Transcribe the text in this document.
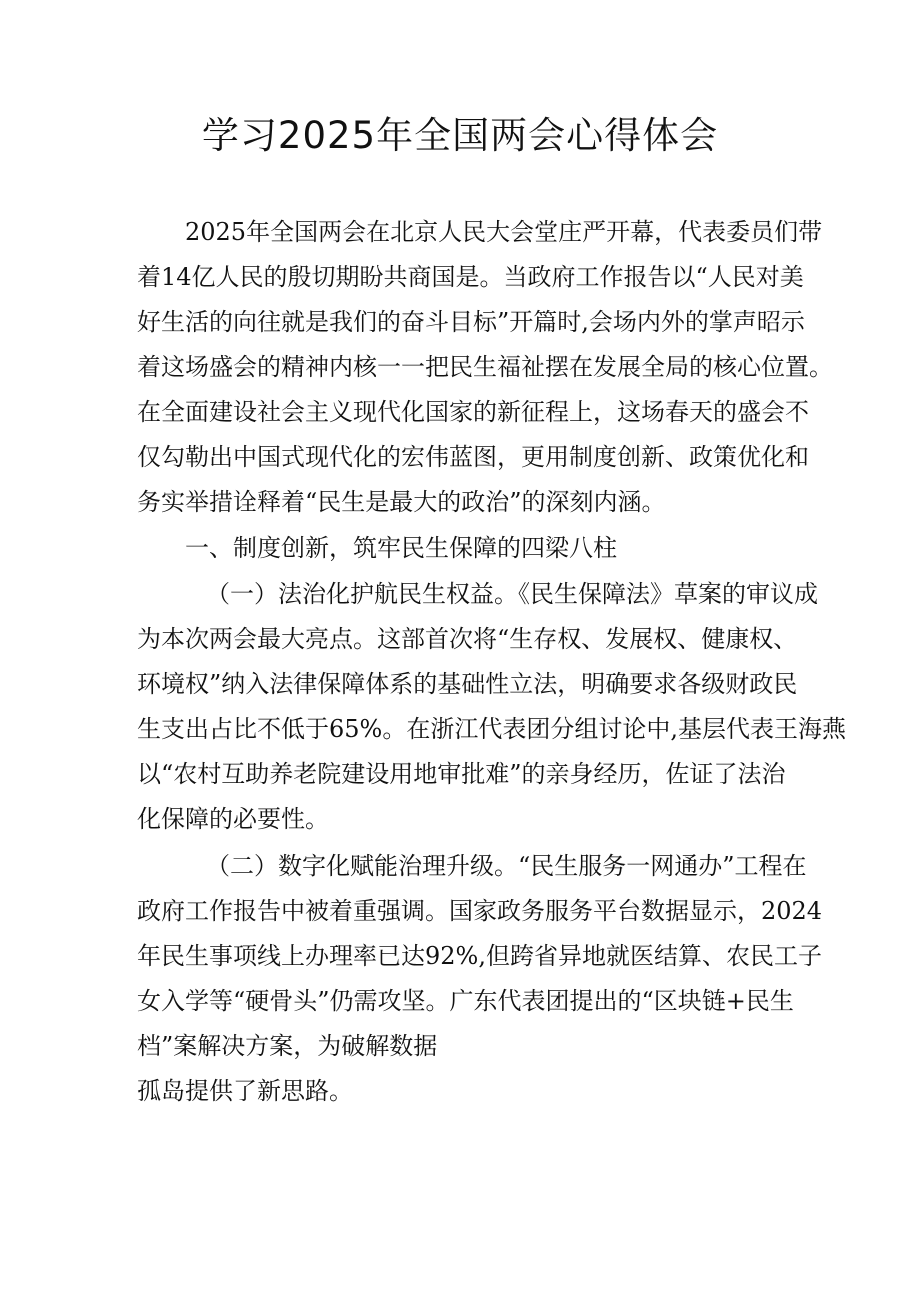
学习2025年全国两会心得体会
2025年全国两会在北京人民大会堂庄严开幕，代表委员们带
着14亿人民的殷切期盼共商国是。当政府工作报告以“人民对美
好生活的向往就是我们的奋斗目标”开篇时,会场内外的掌声昭示
着这场盛会的精神内核一一把民生福祉摆在发展全局的核心位置。
在全面建设社会主义现代化国家的新征程上，这场春天的盛会不
仅勾勒出中国式现代化的宏伟蓝图，更用制度创新、政策优化和
务实举措诠释着“民生是最大的政治”的深刻内涵。
一、制度创新，筑牢民生保障的四梁八柱
（一）法治化护航民生权益。《民生保障法》草案的审议成
为本次两会最大亮点。这部首次将“生存权、发展权、健康权、
环境权”纳入法律保障体系的基础性立法，明确要求各级财政民
生支出占比不低于65%。在浙江代表团分组讨论中,基层代表王海燕
以“农村互助养老院建设用地审批难”的亲身经历，佐证了法治
化保障的必要性。
（二）数字化赋能治理升级。“民生服务一网通办”工程在
政府工作报告中被着重强调。国家政务服务平台数据显示，2024
年民生事项线上办理率已达92%,但跨省异地就医结算、农民工子
女入学等“硬骨头”仍需攻坚。广东代表团提出的“区块链+民生
档”案解决方案，为破解数据
孤岛提供了新思路。
